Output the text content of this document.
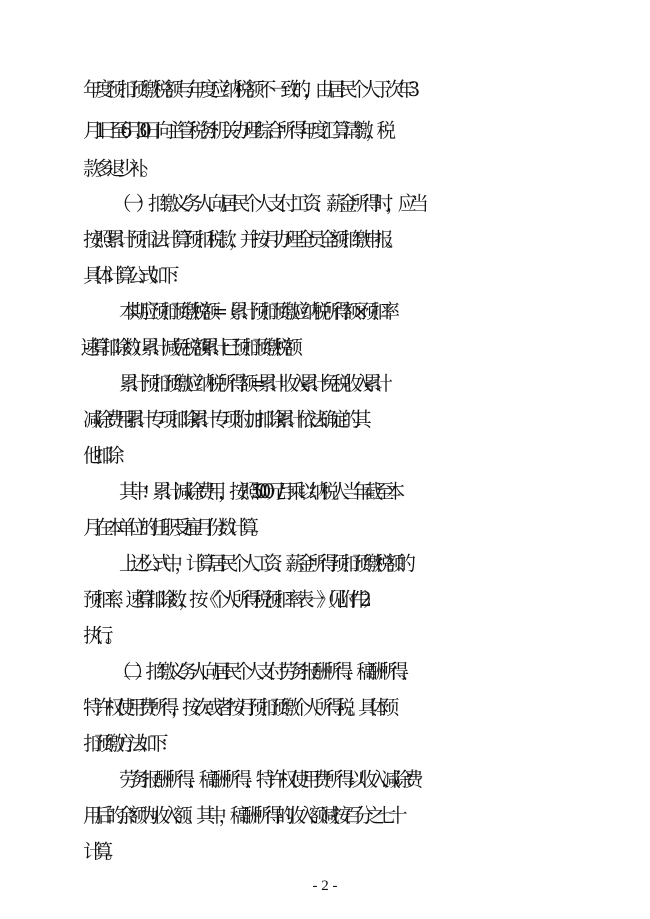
年度预扣预缴税额与年度应纳税额不一致的，由居民个人于次年3
月1日至6月30日向主管税务机关办理综合所得年度汇算清缴，税
款多退少补。
（一）扣缴义务人向居民个人支付工资、薪金所得时，应当
按照累计预扣法计算预扣税款，并按月办理全员全额扣缴申报。
具体计算公式如下：
本期应预扣预缴税额=（累计预扣预缴应纳税所得额×预扣率
-速算扣除数）-累计减免税额-累计已预扣预缴税额
累计预扣预缴应纳税所得额=累计收入-累计免税收入-累计
减除费用-累计专项扣除-累计专项附加扣除-累计依法确定的其
他扣除
其中：累计减除费用，按照5000元/月乘以纳税人当年截至本
月在本单位的任职受雇月份数计算。
上述公式中，计算居民个人工资、薪金所得预扣预缴税额的
预扣率、速算扣除数，按《个人所得税预扣率表一》（见附件2）
执行。
（二）扣缴义务人向居民个人支付劳务报酬所得、稿酬所得、
特许权使用费所得，按次或者按月预扣预缴个人所得税。具体预
扣预缴方法如下：
劳务报酬所得、稿酬所得、特许权使用费所得以收入减除费
用后的余额为收入额。其中，稿酬所得的收入额减按百分之七十
计算。
- 2 -
